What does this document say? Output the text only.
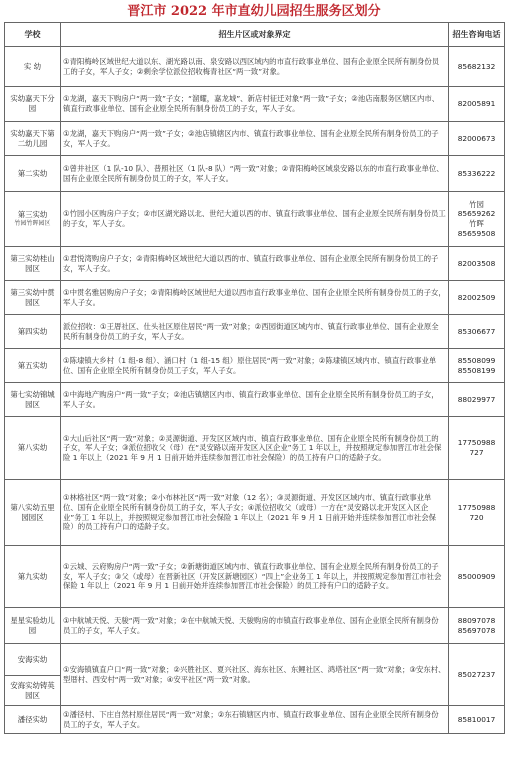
晋江市 2022 年市直幼儿园招生服务区划分
学校	招生片区或对象界定	招生咨询电话
实 幼	①青阳梅岭区域世纪大道以东、湖光路以南、泉安路以西区域内的市直行政事业单位、国有企业原全民所有制身份员工的子女，军人子女；②剩余学位派位招收梅青社区“两一致”对象。	85682132

实幼嘉天下分园	①龙湖，嘉天下购房户“两一致”子女；“溜耀，嘉龙城”、新店村征迁对象“两一致”子女；②池店南服务区辖区内市、镇直行政事业单位、国有企业原全民所有制身份员工的子女，军人子女。	82005891

实幼嘉天下第二幼儿园	①龙湖，嘉天下购房户“两一致”子女；②池店镇辖区内市、镇直行政事业单位、国有企业原全民所有制身份员工的子女，军人子女。	82000673

第二实幼	①曾井社区（1 队-10 队）、普照社区（1 队-8 队）“两一致”对象；②青阳梅岭区域泉安路以东的市直行政事业单位、国有企业原全民所有制身份员工的子女，军人子女。	85336222

第三实幼
竹园竹晖园区	①竹园小区购房户子女；②市区湖光路以北、世纪大道以西的市、镇直行政事业单位、国有企业原全民所有制身份员工的子女，军人子女。	竹园
85659262
竹晖
85659508

第三实幼桂山园区	①君悦湾购房户子女；②青阳梅岭区域世纪大道以西的市、镇直行政事业单位、国有企业原全民所有制身份员工的子女，军人子女。	82003508

第三实幼中贯园区	①中贯名雅居购房户子女；②青阳梅岭区域世纪大道以西市直行政事业单位、国有企业原全民所有制身份员工的子女，军人子女。	82002509

第四实幼	派位招收：①王厝社区、仕头社区原住居民“两一致”对象；②西园街道区域内市、镇直行政事业单位、国有企业原全民所有制身份员工的子女，军人子女。	85306677

第五实幼	①陈埭镇大乡村（1 组-8 组）、涵口村（1 组-15 组）原住居民“两一致”对象；②陈埭镇区域内市、镇直行政事业单位、国有企业原全民所有制身份员工子女，军人子女。	85508099
85508199

第七实幼锦城园区	①中海地产购房户“两一致”子女；②池店镇辖区内市、镇直行政事业单位、国有企业原全民所有制身份员工的子女，军人子女。	88029977

第八实幼	①大山后社区“两一致”对象；②灵源街道、开发区区域内市、镇直行政事业单位、国有企业原全民所有制身份员工的子女，军人子女；③派位招收父（母）在“灵安路以南开发区入区企业”务工 1 年以上，并按照规定参加晋江市社会保险 1 年以上（2021 年 9 月 1 日前开始并连续参加晋江市社会保险）的员工持有户口的适龄子女。	17750988
727

第八实幼五里园园区	①林格社区“两一致”对象；②小布林社区“两一致”对象（12 名）；③灵源街道、开发区区域内市、镇直行政事业单位、国有企业原全民所有制身份员工的子女，军人子女；④派位招收父（或母）一方在“灵安路以北开发区入区企业”务工 1 年以上，并按照规定参加晋江市社会保险 1 年以上（2021 年 9 月 1 日前开始并连续参加晋江市社会保险）的员工持有户口的适龄子女。	17750988
720

第九实幼	①云城、云府购房户“两一致”子女；②新塘街道区域内市、镇直行政事业单位、国有企业原全民所有制身份员工的子女，军人子女；③父（或母）在晋新社区（开发区新塘园区）“四上”企业务工 1 年以上，并按照规定参加晋江市社会保险 1 年以上（2021 年 9 月 1 日前开始并连续参加晋江市社会保险）的员工持有户口的适龄子女。	85000909

星星实验幼儿园	①中航城天悦、天骏“两一致”对象；②在中航城天悦、天骏购房的市镇直行政事业单位、国有企业原全民所有制身份员工的子女，军人子女。	88097078
85697078

安海实幼	①安海镇镇直户口“两一致”对象；②兴胜社区、夏兴社区、海东社区、东鲤社区、鸿塔社区“两一致”对象；③安东村、型厝村、西安村“两一致”对象；④安平社区“两一致”对象。	85027237

安海实幼铸英园区		
潘径实幼	①潘径村、下庄自然村原住居民“两一致”对象；②东石镇辖区内市、镇直行政事业单位、国有企业原全民所有制身份员工的子女，军人子女。	85810017
